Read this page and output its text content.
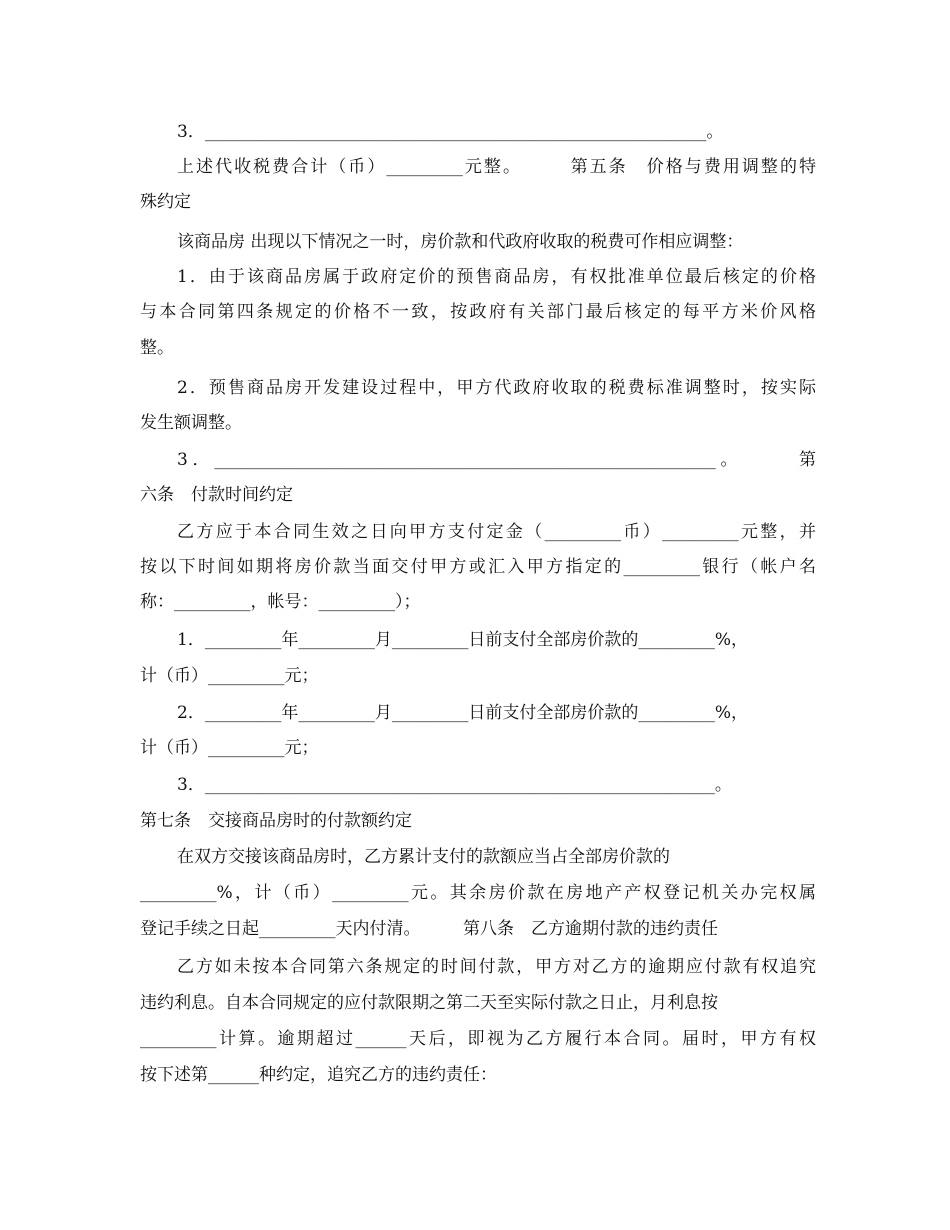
3．___________________________________________________________。
上述代收税费合计（币）_________元整。　　　第五条　价格与费用调整的特
殊约定
该商品房 出现以下情况之一时，房价款和代政府收取的税费可作相应调整：
1．由于该商品房属于政府定价的预售商品房，有权批准单位最后核定的价格
与本合同第四条规定的价格不一致，按政府有关部门最后核定的每平方米价风格
整。
2．预售商品房开发建设过程中，甲方代政府收取的税费标准调整时，按实际
发生额调整。
3．___________________________________________________________。　　　第
六条　付款时间约定
乙方应于本合同生效之日向甲方支付定金（_________币）_________元整，并
按以下时间如期将房价款当面交付甲方或汇入甲方指定的_________银行（帐户名
称：_________，帐号：_________）；
1．_________年_________月_________日前支付全部房价款的_________%，
计（币）_________元；
2．_________年_________月_________日前支付全部房价款的_________%，
计（币）_________元；
3．____________________________________________________________。
第七条　交接商品房时的付款额约定
在双方交接该商品房时，乙方累计支付的款额应当占全部房价款的
_________%，计（币）_________元。其余房价款在房地产产权登记机关办完权属
登记手续之日起_________天内付清。　　　第八条　乙方逾期付款的违约责任
乙方如未按本合同第六条规定的时间付款，甲方对乙方的逾期应付款有权追究
违约利息。自本合同规定的应付款限期之第二天至实际付款之日止，月利息按
_________计算。逾期超过______天后，即视为乙方履行本合同。届时，甲方有权
按下述第______种约定，追究乙方的违约责任：
